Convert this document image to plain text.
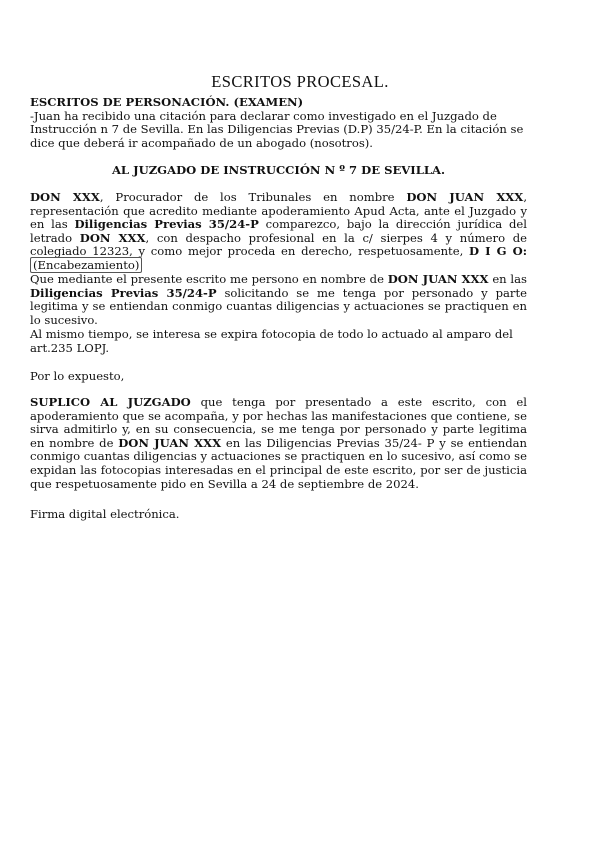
ESCRITOS PROCESAL.
ESCRITOS DE PERSONACIÓN. (EXAMEN)
-Juan ha recibido una citación para declarar como investigado en el Juzgado de Instrucción n 7 de Sevilla. En las Diligencias Previas (D.P) 35/24-P. En la citación se dice que deberá ir acompañado de un abogado (nosotros).
AL JUZGADO DE INSTRUCCIÓN N º 7 DE SEVILLA.
DON XXX, Procurador de los Tribunales en nombre DON JUAN XXX, representación que acredito mediante apoderamiento Apud Acta, ante el Juzgado y en las Diligencias Previas 35/24-P comparezco, bajo la dirección jurídica del letrado DON XXX, con despacho profesional en la c/ sierpes 4 y número de colegiado 12323, y como mejor proceda en derecho, respetuosamente, D I G O: (Encabezamiento)
Que mediante el presente escrito me persono en nombre de DON JUAN XXX en las Diligencias Previas 35/24-P solicitando se me tenga por personado y parte legitima y se entiendan conmigo cuantas diligencias y actuaciones se practiquen en lo sucesivo.
Al mismo tiempo, se interesa se expira fotocopia de todo lo actuado al amparo del art.235 LOPJ.
Por lo expuesto,
SUPLICO AL JUZGADO que tenga por presentado a este escrito, con el apoderamiento que se acompaña, y por hechas las manifestaciones que contiene, se sirva admitirlo y, en su consecuencia, se me tenga por personado y parte legitima en nombre de DON JUAN XXX en las Diligencias Previas 35/24- P y se entiendan conmigo cuantas diligencias y actuaciones se practiquen en lo sucesivo, así como se expidan las fotocopias interesadas en el principal de este escrito, por ser de justicia que respetuosamente pido en Sevilla a 24 de septiembre de 2024.
Firma digital electrónica.
